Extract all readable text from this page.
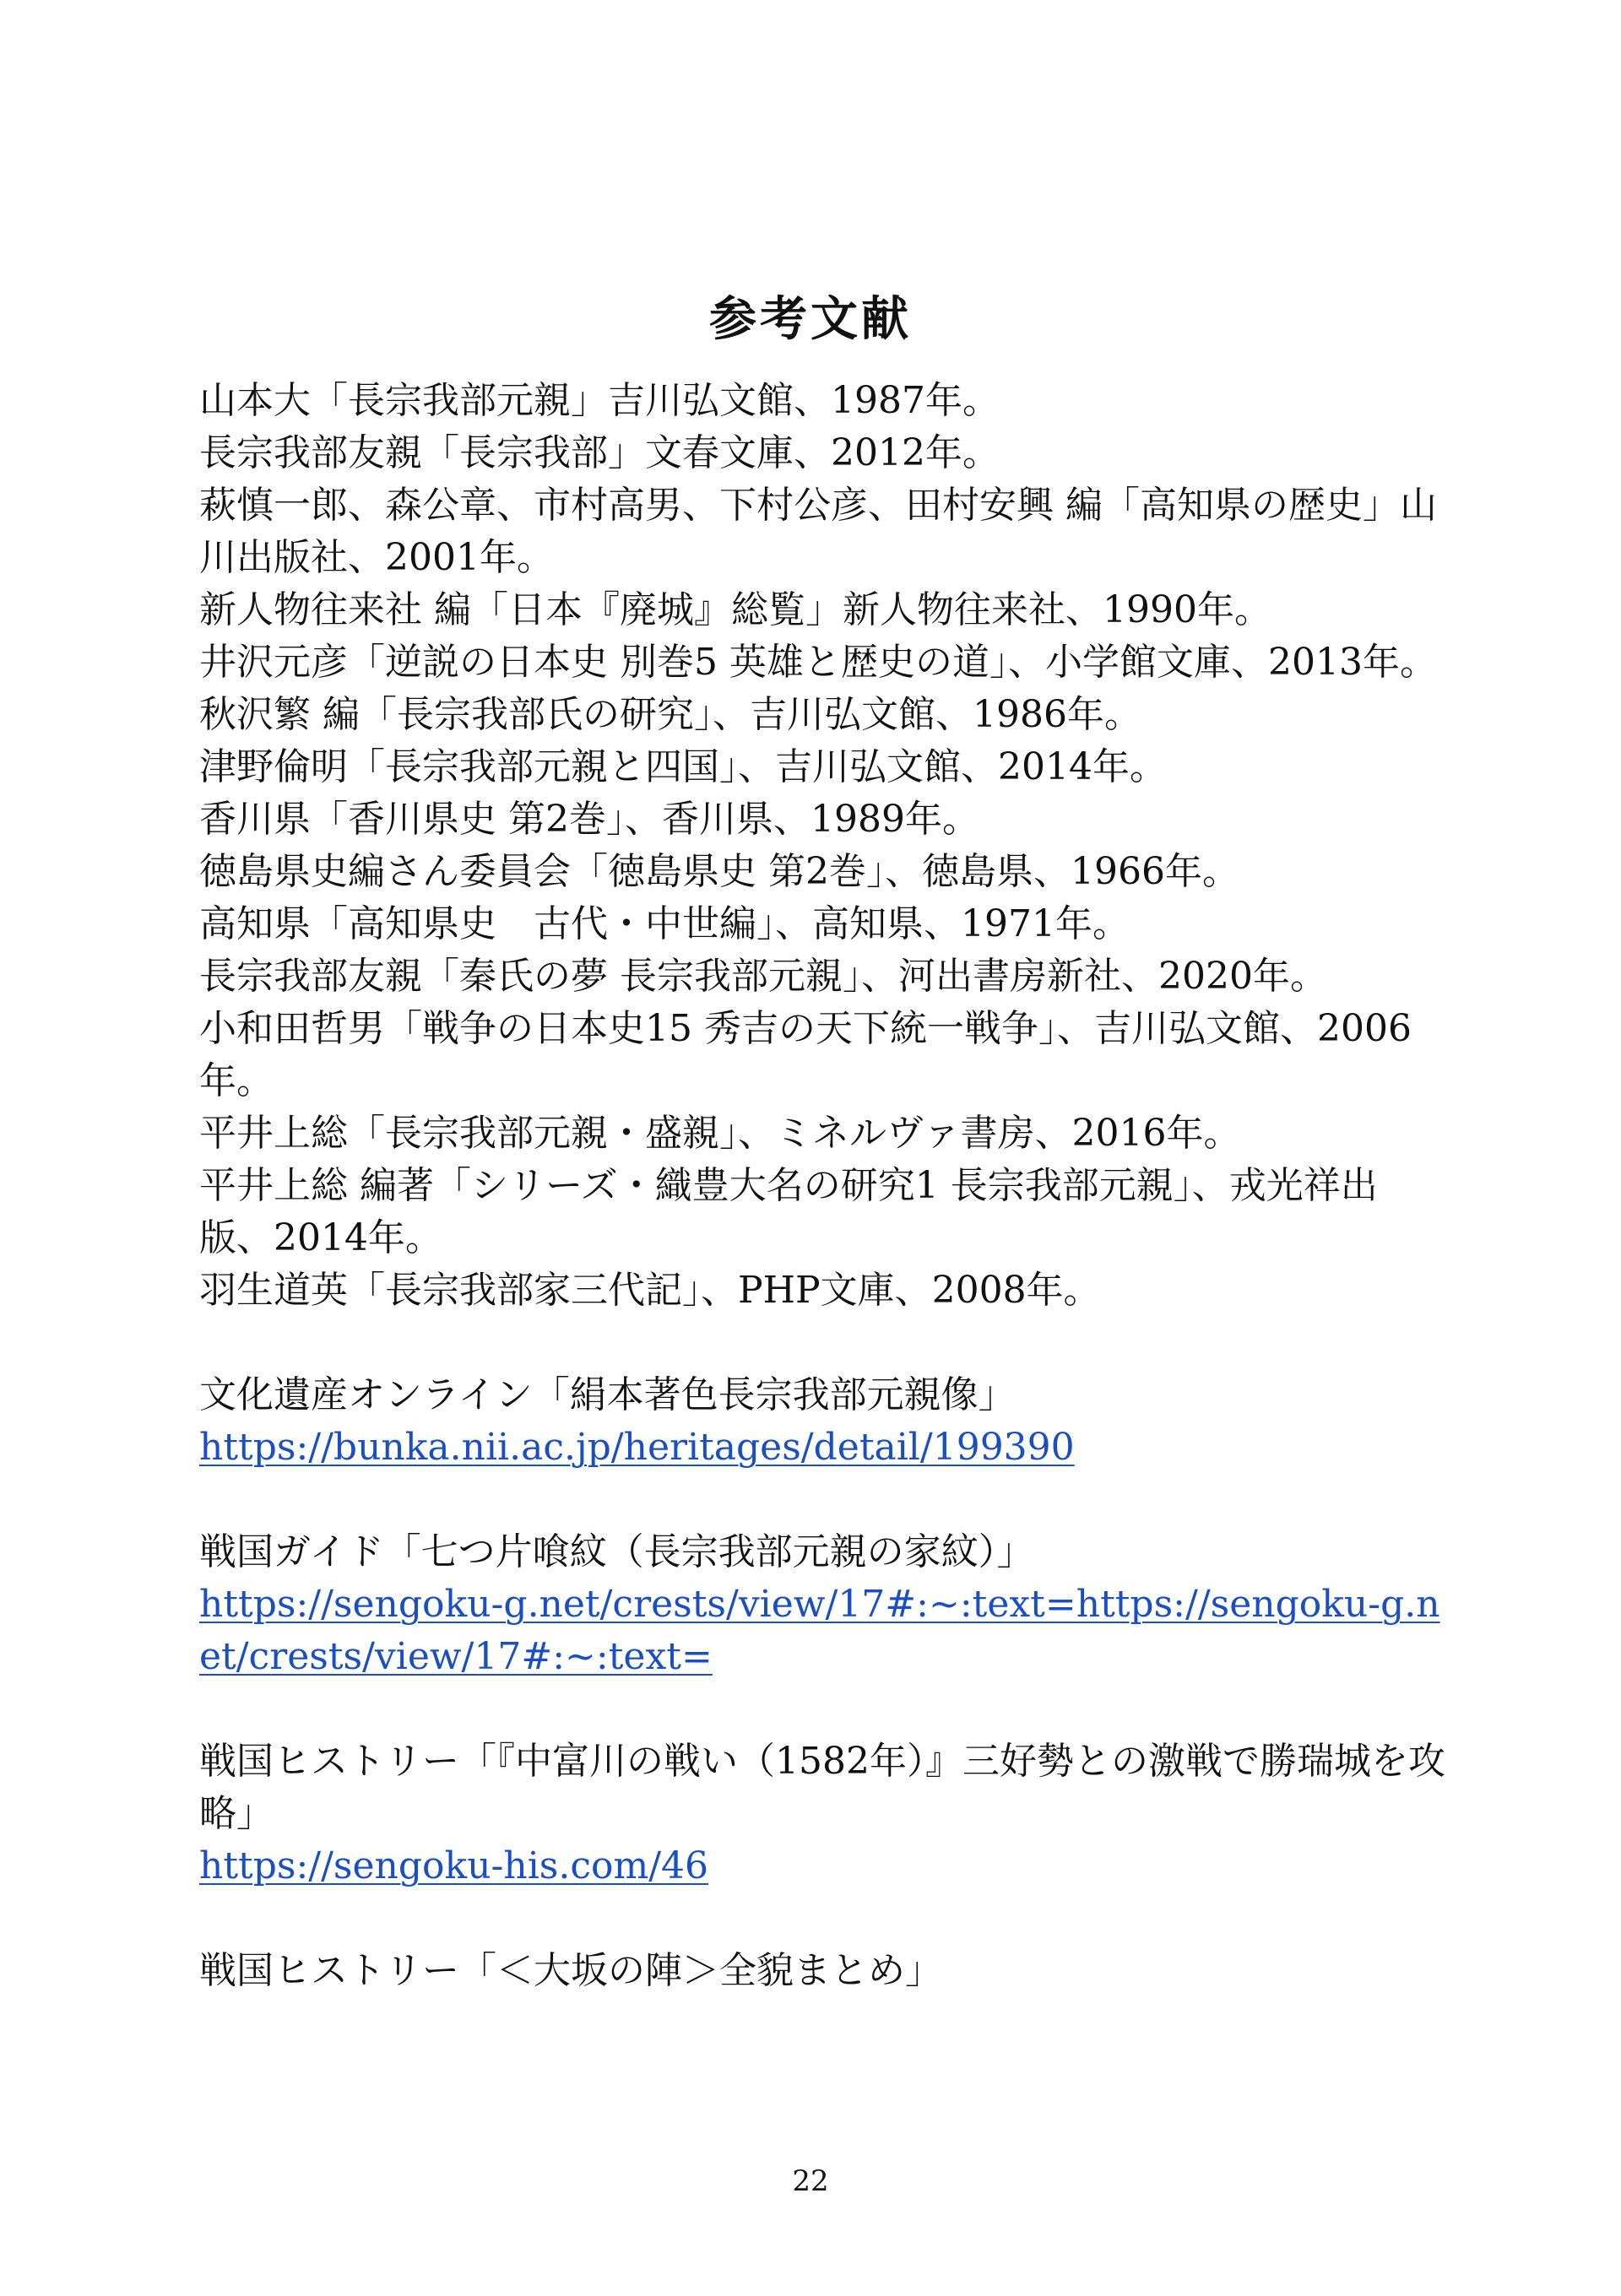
参考文献

山本大「長宗我部元親」吉川弘文館、1987年。

長宗我部友親「長宗我部」文春文庫、2012年。

萩慎一郎、森公章、市村高男、下村公彦、田村安興 編「高知県の歴史」山川出版社、2001年。

新人物往来社 編「日本『廃城』総覧」新人物往来社、1990年。

井沢元彦「逆説の日本史 別巻5 英雄と歴史の道」、小学館文庫、2013年。

秋沢繁 編「長宗我部氏の研究」、吉川弘文館、1986年。

津野倫明「長宗我部元親と四国」、吉川弘文館、2014年。

香川県「香川県史 第2巻」、香川県、1989年。

徳島県史編さん委員会「徳島県史 第2巻」、徳島県、1966年。

高知県「高知県史　古代・中世編」、高知県、1971年。

長宗我部友親「秦氏の夢 長宗我部元親」、河出書房新社、2020年。

小和田哲男「戦争の日本史15 秀吉の天下統一戦争」、吉川弘文館、2006年。

平井上総「長宗我部元親・盛親」、ミネルヴァ書房、2016年。

平井上総 編著「シリーズ・織豊大名の研究1 長宗我部元親」、戎光祥出版、2014年。

羽生道英「長宗我部家三代記」、PHP文庫、2008年。

文化遺産オンライン「絹本著色長宗我部元親像」
https://bunka.nii.ac.jp/heritages/detail/199390
戦国ガイド「七つ片喰紋（長宗我部元親の家紋）」
https://sengoku-g.net/crests/view/17#:~:text=https://sengoku-g.net/crests/view/17#:~:text=
戦国ヒストリー「『中富川の戦い（1582年）』三好勢との激戦で勝瑞城を攻略」
https://sengoku-his.com/46
戦国ヒストリー「＜大坂の陣＞全貌まとめ」
22
